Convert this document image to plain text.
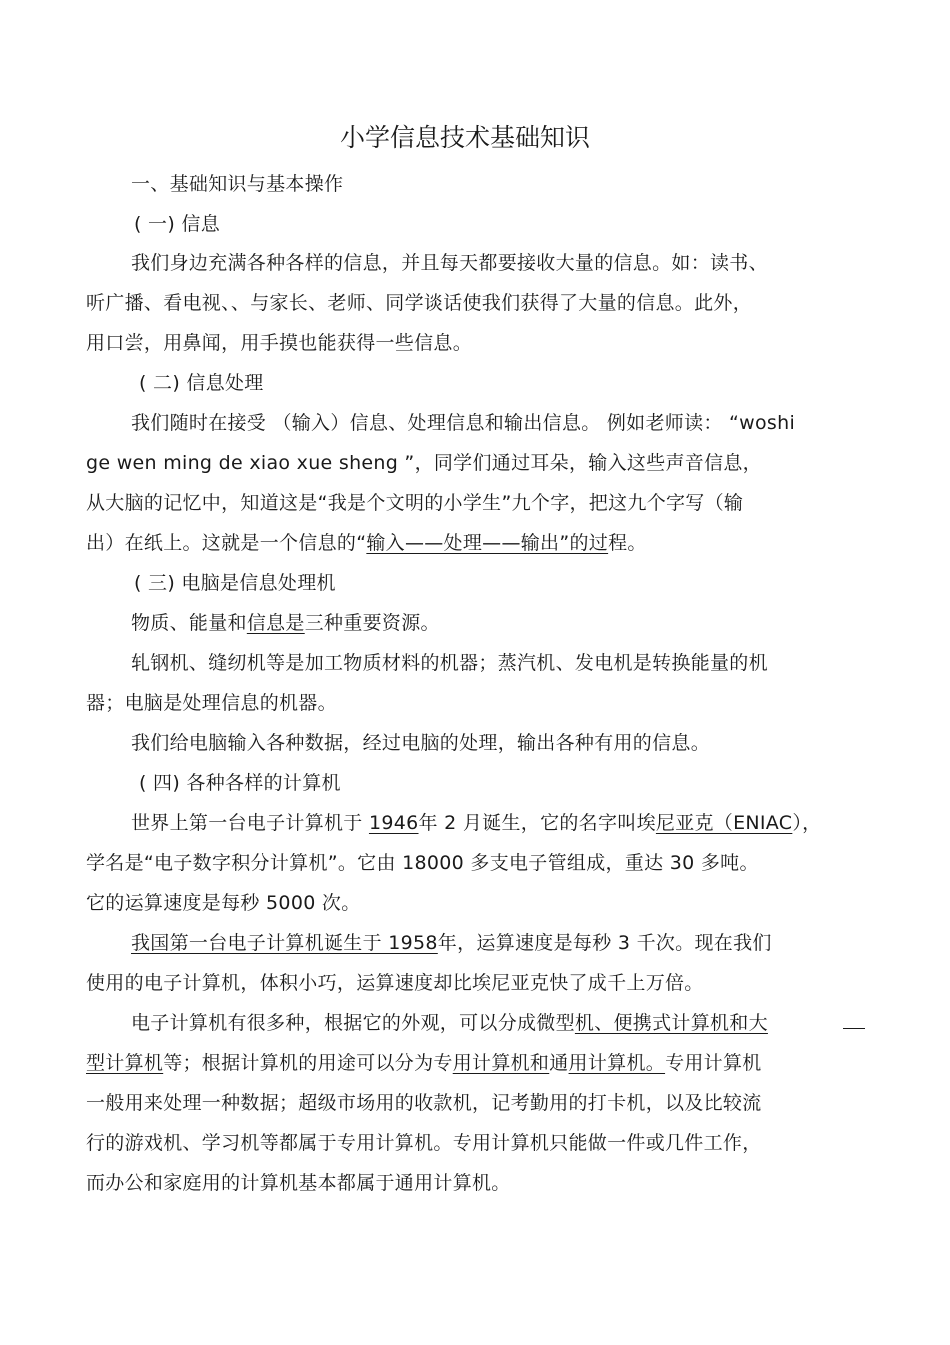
小学信息技术基础知识
一、基础知识与基本操作
( 一) 信息
我们身边充满各种各样的信息，并且每天都要接收大量的信息。如：读书、
听广播、看电视、、与家长、老师、同学谈话使我们获得了大量的信息。此外，
用口尝，用鼻闻，用手摸也能获得一些信息。
( 二) 信息处理
我们随时在接受 （输入）信息、处理信息和输出信息。 例如老师读： “woshi
ge wen ming de xiao xue sheng ”，同学们通过耳朵，输入这些声音信息，
从大脑的记忆中，知道这是“我是个文明的小学生”九个字，把这九个字写（输
出）在纸上。这就是一个信息的“输入——处理——输出”的过程。
( 三) 电脑是信息处理机
物质、能量和信息是三种重要资源。
轧钢机、缝纫机等是加工物质材料的机器；蒸汽机、发电机是转换能量的机
器；电脑是处理信息的机器。
我们给电脑输入各种数据，经过电脑的处理，输出各种有用的信息。
( 四) 各种各样的计算机
世界上第一台电子计算机于 1946年 2 月诞生，它的名字叫埃尼亚克（ENIAC），
学名是“电子数字积分计算机”。它由 18000 多支电子管组成，重达 30 多吨。
它的运算速度是每秒 5000 次。
我国第一台电子计算机诞生于 1958年，运算速度是每秒 3 千次。现在我们
使用的电子计算机，体积小巧，运算速度却比埃尼亚克快了成千上万倍。
电子计算机有很多种，根据它的外观，可以分成微型机、便携式计算机和大
型计算机等；根据计算机的用途可以分为专用计算机和通用计算机。专用计算机
一般用来处理一种数据；超级市场用的收款机，记考勤用的打卡机，以及比较流
行的游戏机、学习机等都属于专用计算机。专用计算机只能做一件或几件工作，
而办公和家庭用的计算机基本都属于通用计算机。
